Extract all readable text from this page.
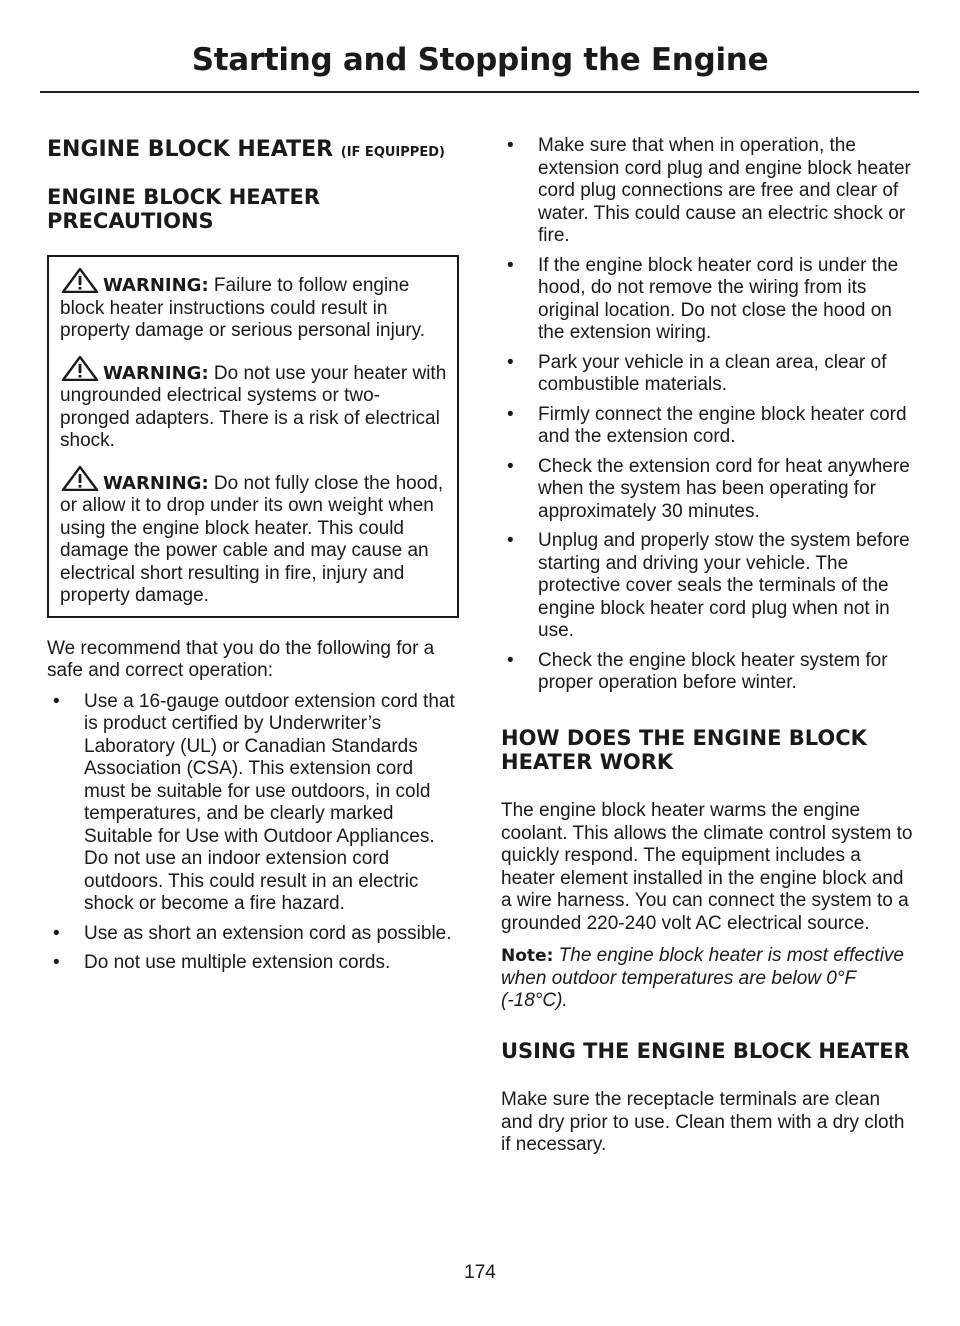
Starting and Stopping the Engine
ENGINE BLOCK HEATER (IF EQUIPPED)
ENGINE BLOCK HEATER PRECAUTIONS

WARNING: Failure to follow engine block heater instructions could result in property damage or serious personal injury.

WARNING: Do not use your heater with ungrounded electrical systems or two-pronged adapters. There is a risk of electrical shock.

WARNING: Do not fully close the hood, or allow it to drop under its own weight when using the engine block heater. This could damage the power cable and may cause an electrical short resulting in fire, injury and property damage.

We recommend that you do the following for a safe and correct operation:

• Use a 16-gauge outdoor extension cord that is product certified by Underwriter’s Laboratory (UL) or Canadian Standards Association (CSA). This extension cord must be suitable for use outdoors, in cold temperatures, and be clearly marked Suitable for Use with Outdoor Appliances. Do not use an indoor extension cord outdoors. This could result in an electric shock or become a fire hazard.
• Use as short an extension cord as possible.
• Do not use multiple extension cords.
• Make sure that when in operation, the extension cord plug and engine block heater cord plug connections are free and clear of water. This could cause an electric shock or fire.
• If the engine block heater cord is under the hood, do not remove the wiring from its original location. Do not close the hood on the extension wiring.
• Park your vehicle in a clean area, clear of combustible materials.
• Firmly connect the engine block heater cord and the extension cord.
• Check the extension cord for heat anywhere when the system has been operating for approximately 30 minutes.
• Unplug and properly stow the system before starting and driving your vehicle. The protective cover seals the terminals of the engine block heater cord plug when not in use.
• Check the engine block heater system for proper operation before winter.
HOW DOES THE ENGINE BLOCK HEATER WORK

The engine block heater warms the engine coolant. This allows the climate control system to quickly respond. The equipment includes a heater element installed in the engine block and a wire harness. You can connect the system to a grounded 220-240 volt AC electrical source.

Note: The engine block heater is most effective when outdoor temperatures are below 0°F (-18°C).

USING THE ENGINE BLOCK HEATER

Make sure the receptacle terminals are clean and dry prior to use. Clean them with a dry cloth if necessary.

174
